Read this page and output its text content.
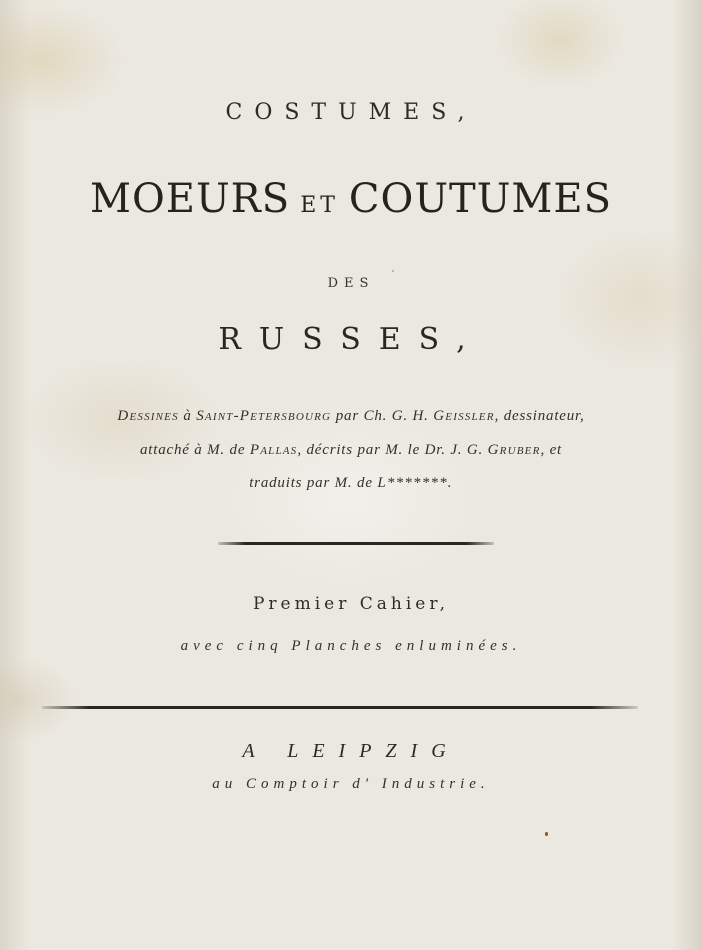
COSTUMES,
MOEURS ET COUTUMES
DES
RUSSES,
Dessines à Saint-Petersbourg par Ch. G. H. Geissler, dessinateur,
attaché à M. de Pallas, décrits par M. le Dr. J. G. Gruber, et
traduits par M. de L*******.
Premier Cahier,
avec cinq Planches enluminées.
A LEIPZIG
au Comptoir d' Industrie.
